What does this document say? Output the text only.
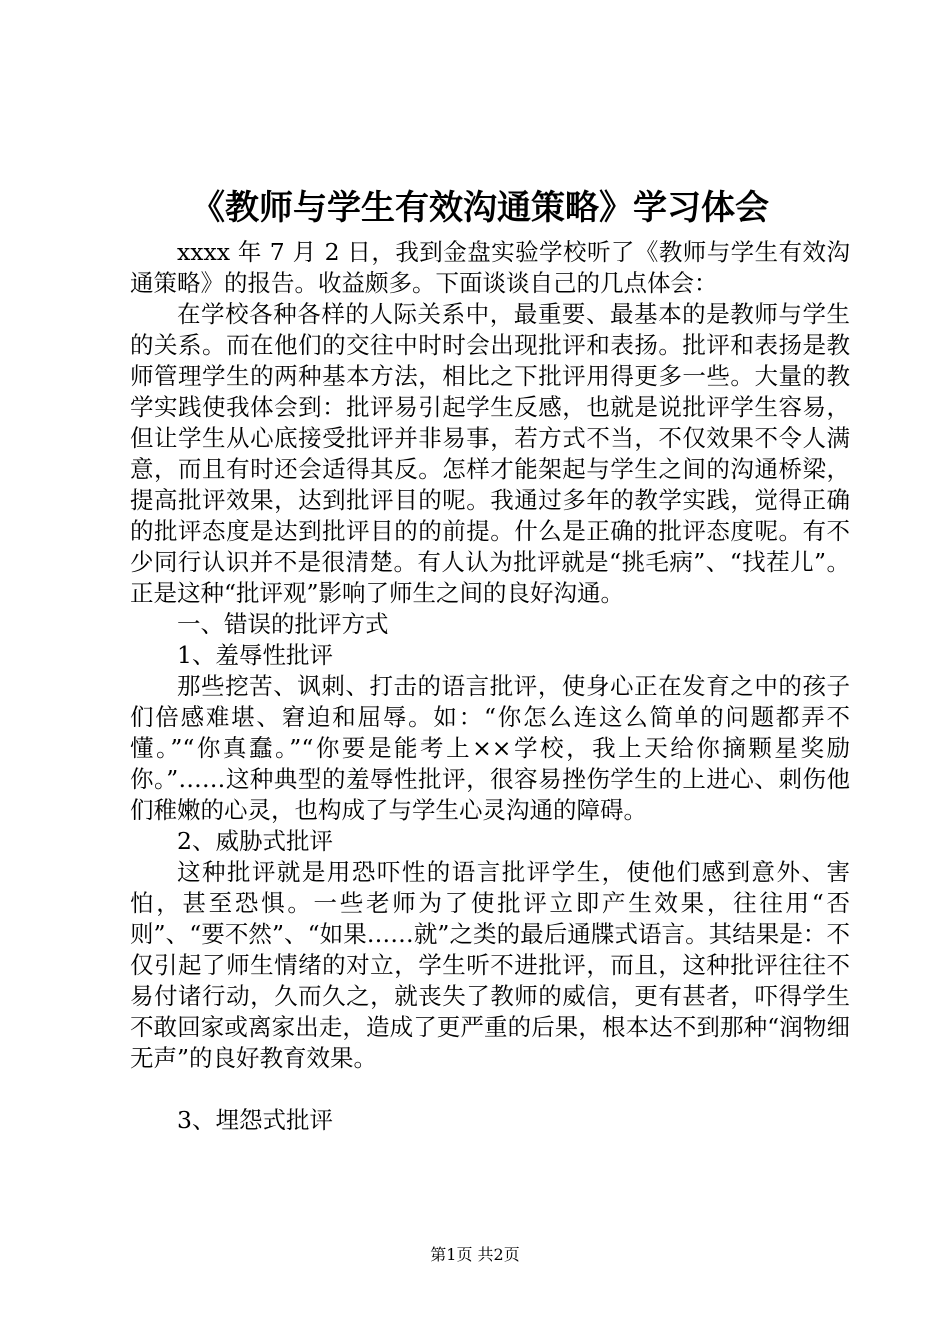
《教师与学生有效沟通策略》学习体会

xxxx 年 7 月 2 日，我到金盘实验学校听了《教师与学生有效沟通策略》的报告。收益颇多。下面谈谈自己的几点体会：

在学校各种各样的人际关系中，最重要、最基本的是教师与学生的关系。而在他们的交往中时时会出现批评和表扬。批评和表扬是教师管理学生的两种基本方法，相比之下批评用得更多一些。大量的教学实践使我体会到：批评易引起学生反感，也就是说批评学生容易，但让学生从心底接受批评并非易事，若方式不当，不仅效果不令人满意，而且有时还会适得其反。怎样才能架起与学生之间的沟通桥梁，提高批评效果，达到批评目的呢。我通过多年的教学实践，觉得正确的批评态度是达到批评目的的前提。什么是正确的批评态度呢。有不少同行认识并不是很清楚。有人认为批评就是“挑毛病”、“找茬儿”。正是这种“批评观”影响了师生之间的良好沟通。

一、错误的批评方式

1、羞辱性批评

那些挖苦、讽刺、打击的语言批评，使身心正在发育之中的孩子们倍感难堪、窘迫和屈辱。如：“你怎么连这么简单的问题都弄不懂。”“你真蠢。”“你要是能考上××学校，我上天给你摘颗星奖励你。”……这种典型的羞辱性批评，很容易挫伤学生的上进心、刺伤他们稚嫩的心灵，也构成了与学生心灵沟通的障碍。

2、威胁式批评

这种批评就是用恐吓性的语言批评学生，使他们感到意外、害怕，甚至恐惧。一些老师为了使批评立即产生效果，往往用“否则”、“要不然”、“如果……就”之类的最后通牒式语言。其结果是：不仅引起了师生情绪的对立，学生听不进批评，而且，这种批评往往不易付诸行动，久而久之，就丧失了教师的威信，更有甚者，吓得学生不敢回家或离家出走，造成了更严重的后果，根本达不到那种“润物细无声”的良好教育效果。

3、埋怨式批评

第1页 共2页
